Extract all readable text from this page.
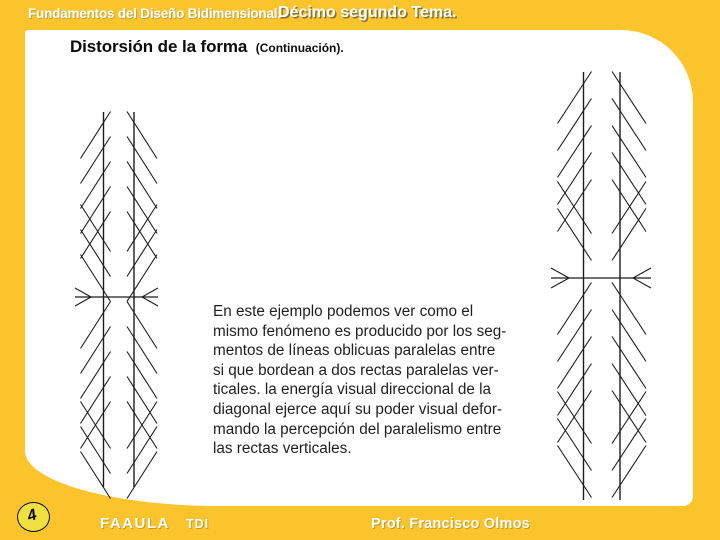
Fundamentos del Diseño Bidimensional:
Décimo segundo Tema.
Distorsión de la forma (Continuación).
En este ejemplo podemos ver como el
mismo fenómeno es producido por los seg-
mentos de líneas oblicuas paralelas entre
si que bordean a dos rectas paralelas ver-
ticales. la energía visual direccional de la
diagonal ejerce aquí su poder visual defor-
mando la percepción del paralelismo entre
las rectas verticales.
FAAULA TDI	Prof. Francisco Olmos
4
